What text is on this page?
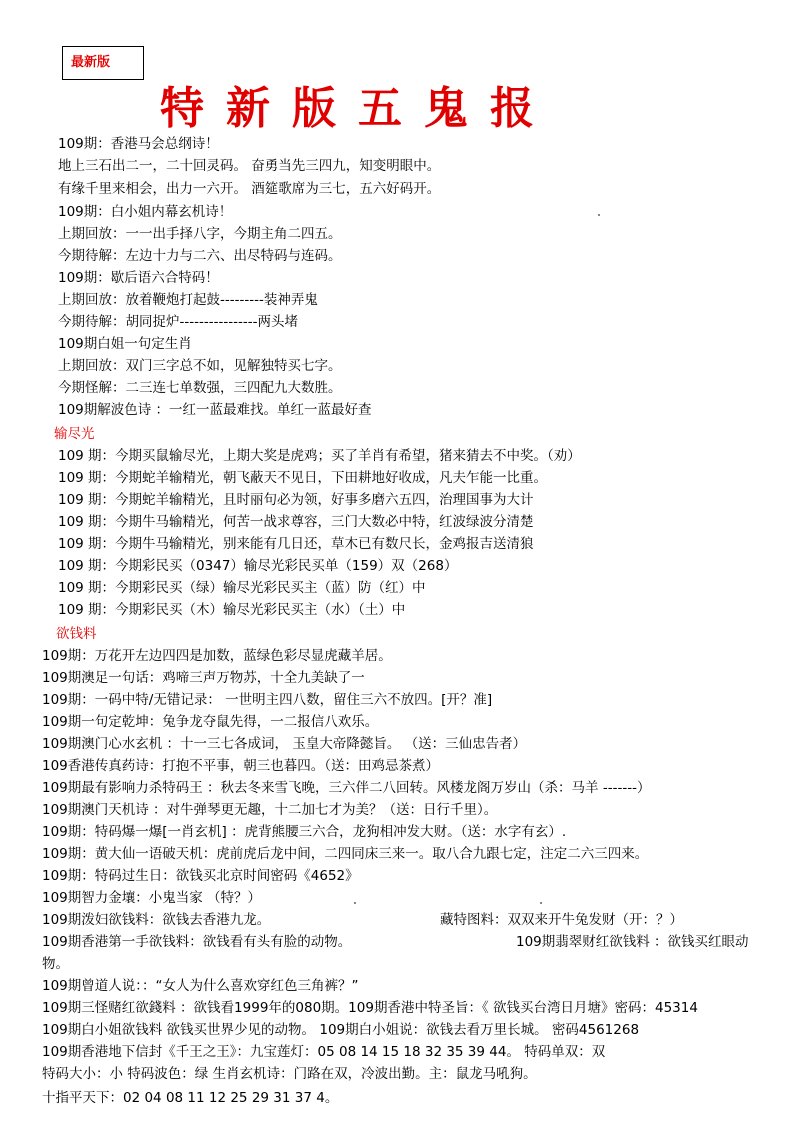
最新版
特新版五鬼报
109期：香港马会总纲诗！
地上三石出二一，二十回灵码。 奋勇当先三四九，知变明眼中。
有缘千里来相会，出力一六开。 酒筵歌席为三七，五六好码开。
109期：白小姐内幕玄机诗！
上期回放：一一出手择八字，今期主角二四五。
今期待解：左边十力与二六、出尽特码与连码。
109期：歇后语六合特码！
上期回放：放着鞭炮打起鼓---------装神弄鬼
今期待解：胡同捉炉----------------两头堵
109期白姐一句定生肖
上期回放：双门三字总不如，见解独特买七字。
今期怪解：二三连七单数强，三四配九大数胜。
109期解波色诗 ：一红一蓝最难找。单红一蓝最好查
输尽光
109 期：今期买鼠输尽光，上期大奖是虎鸡；买了羊肖有希望，猪来猜去不中奖。（劝）
109 期：今期蛇羊输精光，朝飞蔽天不见日，下田耕地好收成，凡夫乍能一比重。
109 期：今期蛇羊输精光，且时丽句必为领，好事多磨六五四，治理国事为大计
109 期：今期牛马输精光，何苦一战求尊容，三门大数必中特，红波绿波分清楚
109 期：今期牛马输精光，别来能有几日还，草木已有数尺长，金鸡报吉送清狼
109 期：今期彩民买（0347）输尽光彩民买单（159）双（268）
109 期：今期彩民买（绿）输尽光彩民买主（蓝）防（红）中
109 期：今期彩民买（木）输尽光彩民买主（水）（土）中
欲钱料
109期：万花开左边四四是加数，蓝绿色彩尽显虎藏羊居。
109期澳足一句话：鸡啼三声万物苏，十全九美缺了一
109期：一码中特/无错记录： 一世明主四八数，留住三六不放四。[开？准]
109期一句定乾坤：兔争龙夺鼠先得，一二报信八欢乐。
109期澳门心水玄机 ：十一三七各成词， 玉皇大帝降懿旨。 （送：三仙忠告者）
109香港传真药诗：打抱不平事，朝三也暮四。（送：田鸡忌茶煮）
109期最有影响力杀特码王 ：秋去冬来雪飞晚，三六伴二八回转。风楼龙阁万岁山（杀：马羊 -------）
109期澳门天机诗 ：对牛弹琴更无趣，十二加七才为美？（送：日行千里）。
109期：特码爆一爆[一肖玄机] ：虎背熊腰三六合，龙狗相冲发大财。（送：水字有玄）.
109期：黄大仙一语破天机：虎前虎后龙中间，二四同床三来一。取八合九跟七定，注定二六三四来。
109期：特码过生日：欲钱买北京时间密码《4652》
109期智力金壤：小鬼当家 （特？）
109期泼妇欲钱料：欲钱去香港九龙。	藏特图料：双双来开牛兔发财（开：？）
109期香港第一手欲钱料：欲钱看有头有脸的动物。	109期翡翠财红欲钱料 ：欲钱买红眼动
物。
109期曾道人说：：“女人为什么喜欢穿红色三角裤？”
109期三怪赌红欲錢料 ：欲钱看1999年的080期。109期香港中特圣旨：《 欲钱买台湾日月塘》密码：45314
109期白小姐欲钱料 欲钱买世界少见的动物。 109期白小姐说：欲钱去看万里长城。 密码4561268
109期香港地下信封《千王之王》：九宝莲灯：05 08 14 15 18 32 35 39 44。 特码单双：双
特码大小：小 特码波色：绿 生肖玄机诗：门路在双，冷波出勤。主：鼠龙马吼狗。
十指平天下：02 04 08 11 12 25 29 31 37 4。
